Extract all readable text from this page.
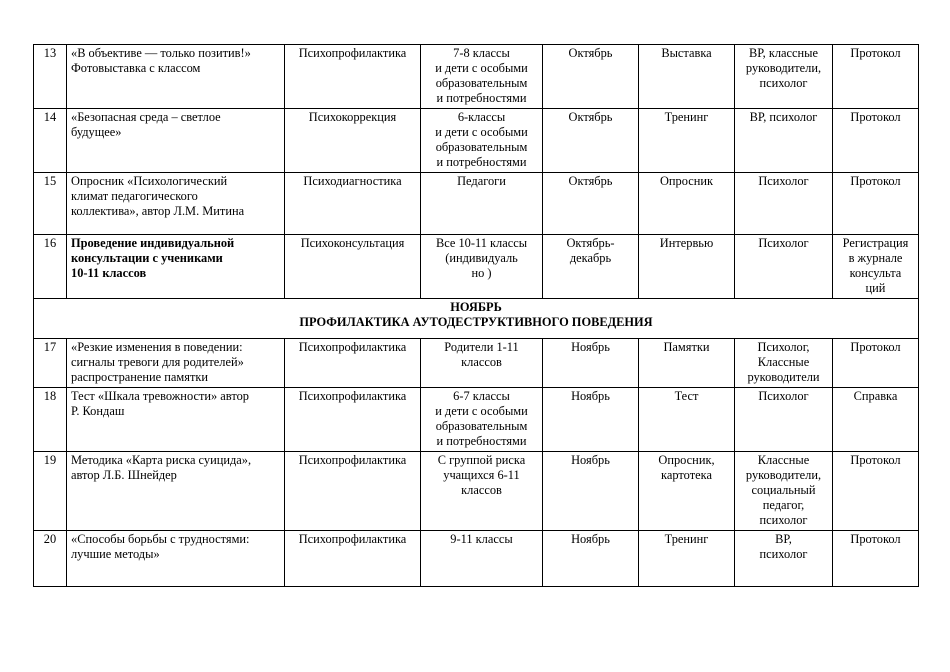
13	«В объективе — только позитив!»
Фотовыставка с классом	Психопрофилактика	7-8 классы
и дети с особыми
образовательным
и потребностями	Октябрь	Выставка	ВР, классные
руководители,
психолог	Протокол

14	«Безопасная среда – светлое
будущее»	Психокоррекция	6-классы
и дети с особыми
образовательным
и потребностями	Октябрь	Тренинг	ВР, психолог	Протокол

15	Опросник «Психологический
климат педагогического
коллектива», автор Л.М. Митина	Психодиагностика	Педагоги	Октябрь	Опросник	Психолог	Протокол

16	Проведение индивидуальной
консультации с учениками
10-11 классов	Психоконсультация	Все 10-11 классы
(индивидуаль
но )	Октябрь-
декабрь	Интервью	Психолог	Регистрация
в журнале
консульта
ций

НОЯБРЬ
ПРОФИЛАКТИКА АУТОДЕСТРУКТИВНОГО ПОВЕДЕНИЯ							

17	«Резкие изменения в поведении:
сигналы тревоги для родителей»
распространение памятки	Психопрофилактика	Родители 1-11
классов	Ноябрь	Памятки	Психолог,
Классные
руководители	Протокол

18	Тест «Шкала тревожности» автор
Р. Кондаш	Психопрофилактика	6-7 классы
и дети с особыми
образовательным
и потребностями	Ноябрь	Тест	Психолог	Справка

19	Методика «Карта риска суицида»,
автор Л.Б. Шнейдер	Психопрофилактика	С группой риска
учащихся 6-11
классов	Ноябрь	Опросник,
картотека	Классные
руководители,
социальный
педагог,
психолог	Протокол

20	«Способы борьбы с трудностями:
лучшие методы»	Психопрофилактика	9-11 классы	Ноябрь	Тренинг	ВР,
психолог	Протокол
